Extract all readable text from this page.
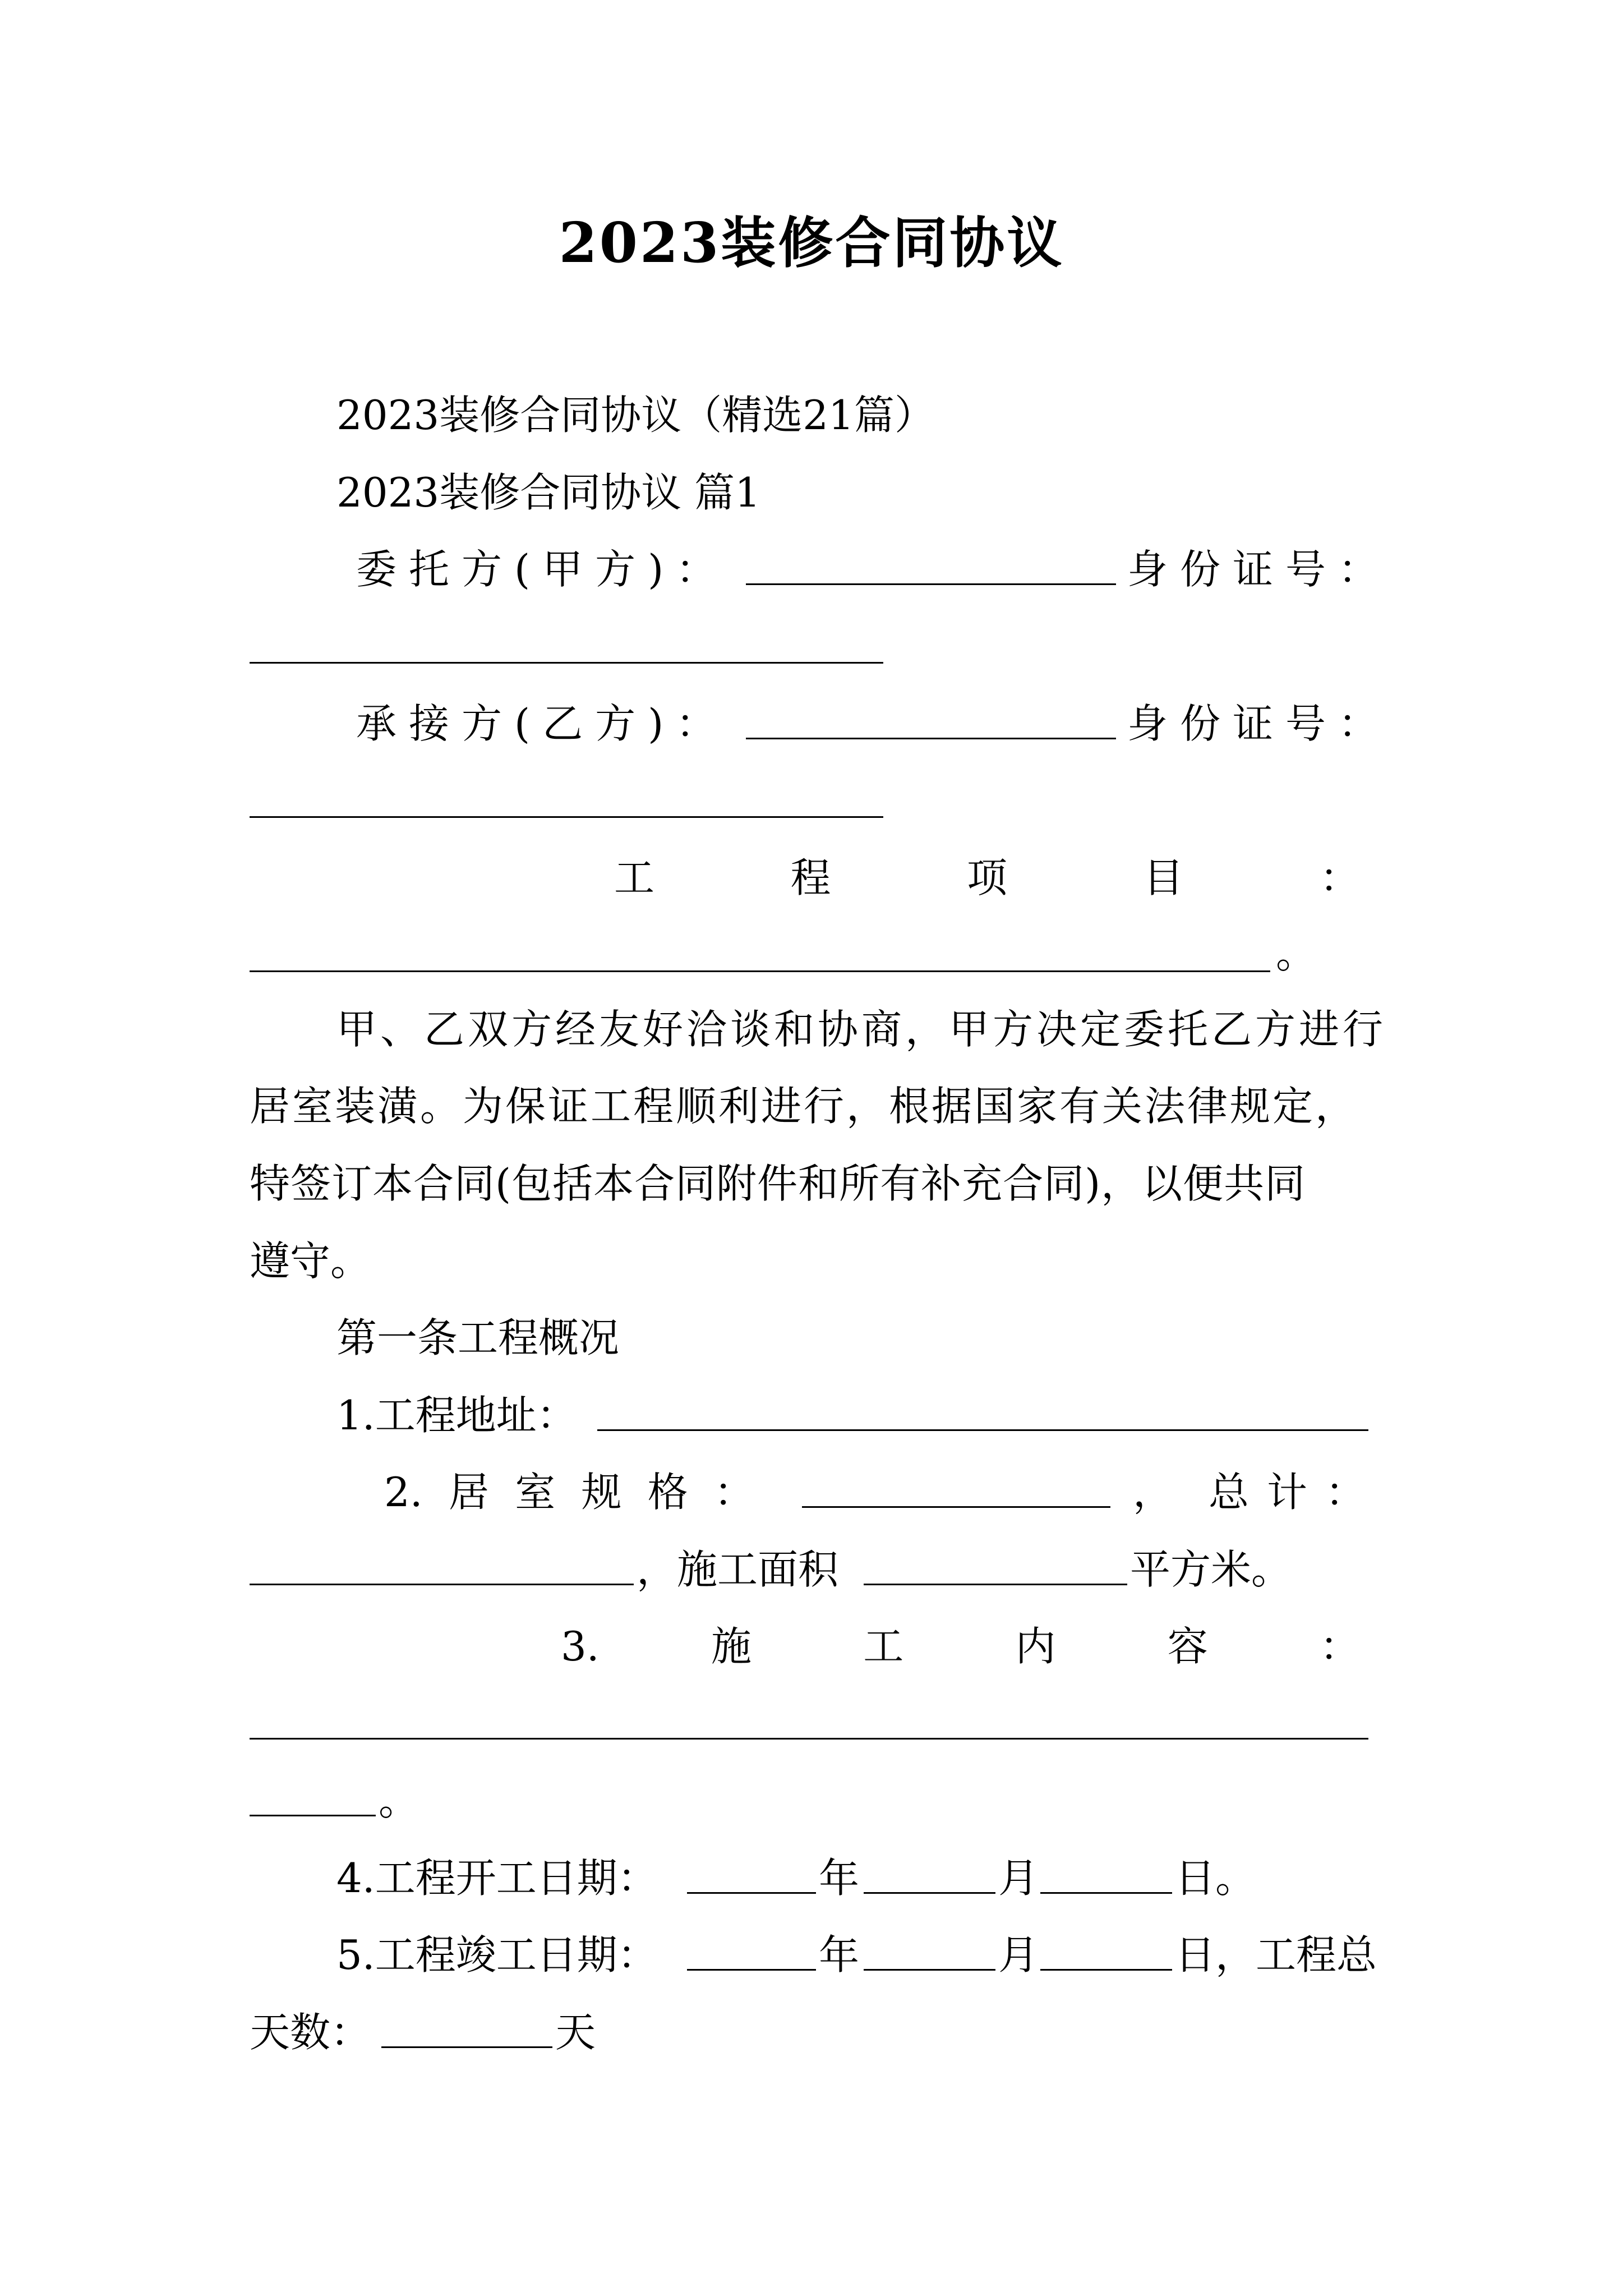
2023装修合同协议
2023装修合同协议（精选21篇）
2023装修合同协议 篇1
委托方(甲方)：	身份证号：
承接方(乙方)：	身份证号：
工	程	项	目	：
。
甲、乙双方经友好洽谈和协商，甲方决定委托乙方进行
居室装潢。为保证工程顺利进行，根据国家有关法律规定，
特签订本合同(包括本合同附件和所有补充合同)，以便共同
遵守。
第一条工程概况
1.工程地址：
2. 居 室 规 格 ：	， 总 计 ：
，施工面积	平方米。
3.	施	工	内	容	：
。
4.工程开工日期：	年	月	日。
5.工程竣工日期：	年	月	日，工程总
天数：	天
